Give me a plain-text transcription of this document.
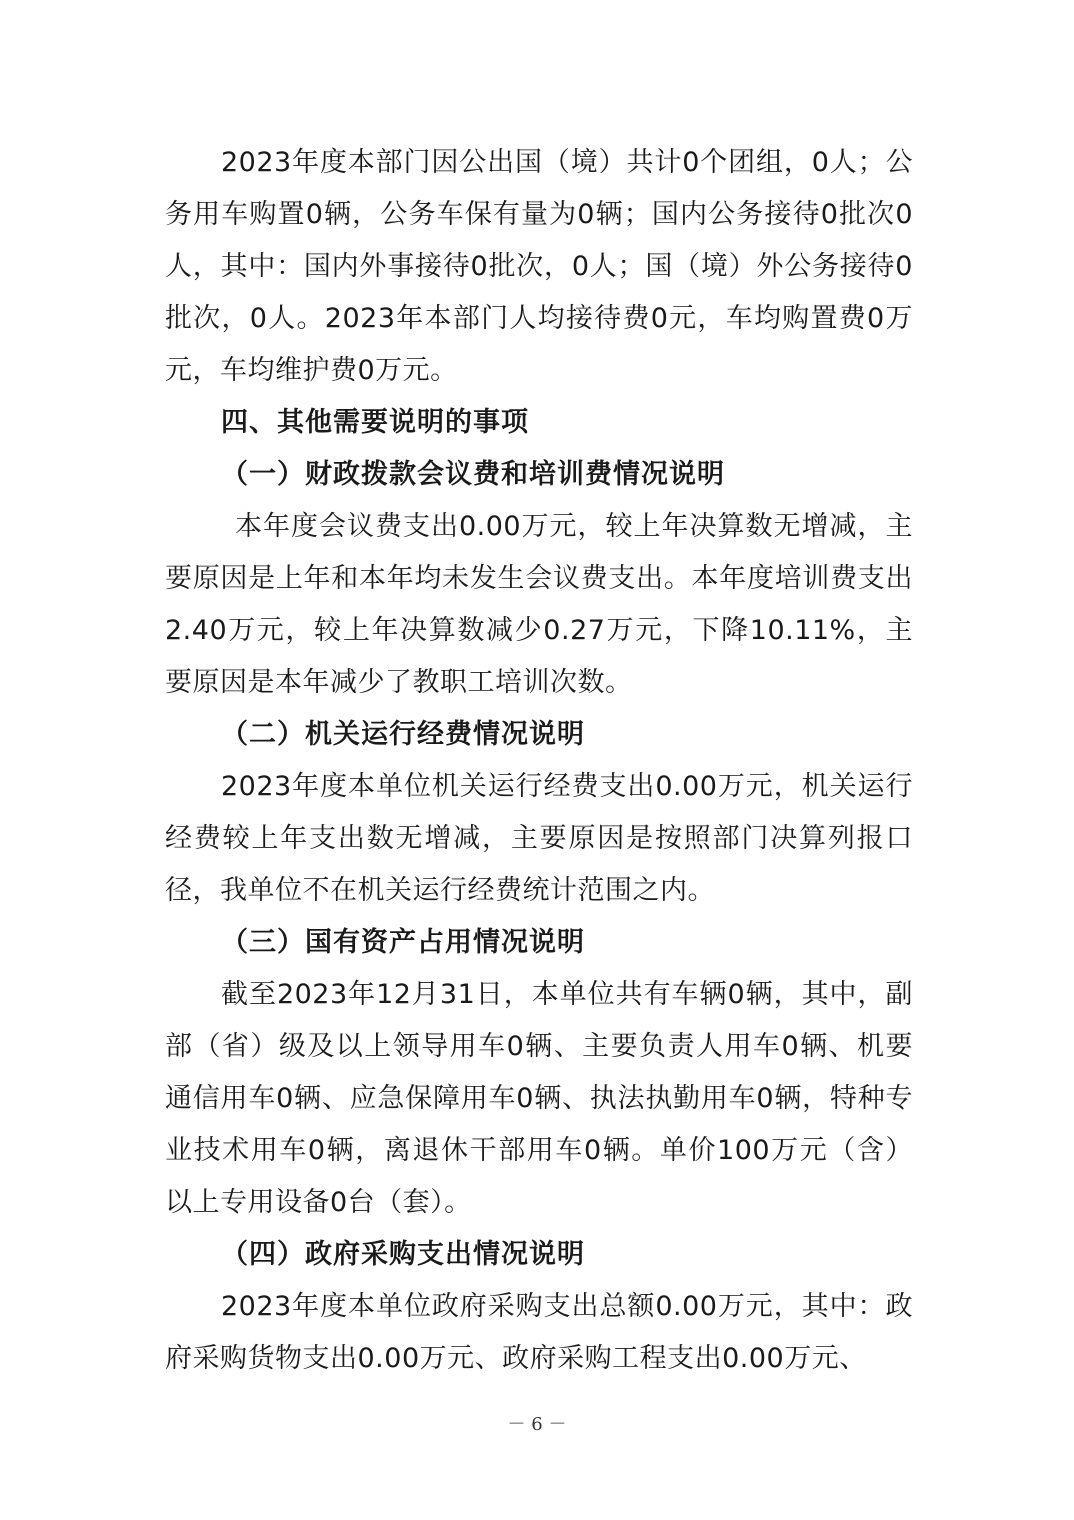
2023年度本部门因公出国（境）共计0个团组，0人；公务用车购置0辆，公务车保有量为0辆；国内公务接待0批次0人，其中：国内外事接待0批次，0人；国（境）外公务接待0批次，0人。2023年本部门人均接待费0元，车均购置费0万元，车均维护费0万元。

四、其他需要说明的事项

（一）财政拨款会议费和培训费情况说明

本年度会议费支出0.00万元，较上年决算数无增减，主要原因是上年和本年均未发生会议费支出。本年度培训费支出2.40万元，较上年决算数减少0.27万元，下降10.11%，主要原因是本年减少了教职工培训次数。

（二）机关运行经费情况说明

2023年度本单位机关运行经费支出0.00万元，机关运行经费较上年支出数无增减，主要原因是按照部门决算列报口径，我单位不在机关运行经费统计范围之内。

（三）国有资产占用情况说明

截至2023年12月31日，本单位共有车辆0辆，其中，副部（省）级及以上领导用车0辆、主要负责人用车0辆、机要通信用车0辆、应急保障用车0辆、执法执勤用车0辆，特种专业技术用车0辆，离退休干部用车0辆。单价100万元（含）以上专用设备0台（套）。

（四）政府采购支出情况说明

2023年度本单位政府采购支出总额0.00万元，其中：政府采购货物支出0.00万元、政府采购工程支出0.00万元、

－ 6 －
